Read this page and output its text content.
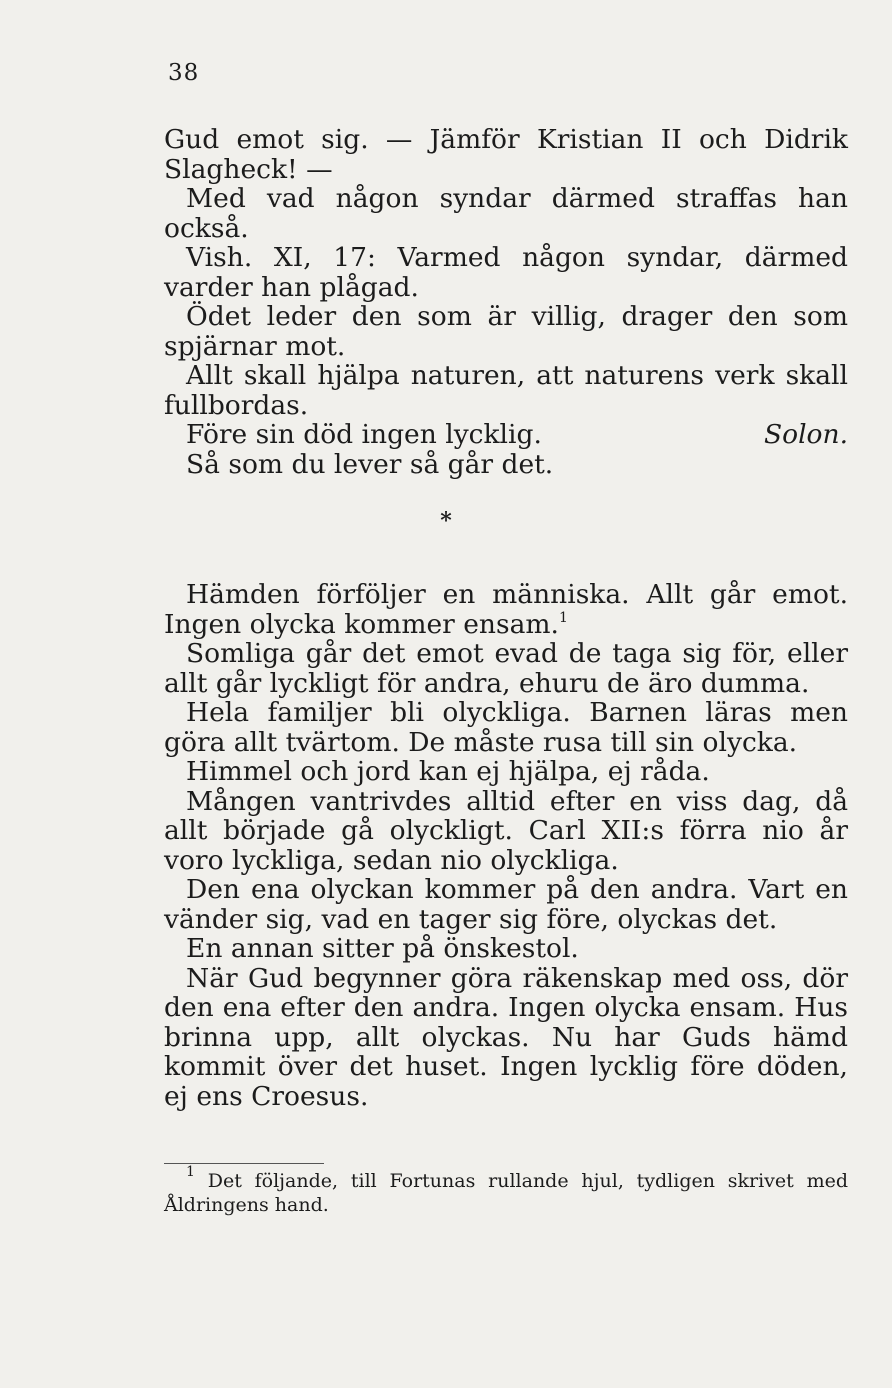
38

Gud emot sig. — Jämför Kristian II och Didrik Slagheck! —

Med vad någon syndar därmed straffas han också.

Vish. XI, 17: Varmed någon syndar, därmed varder han plågad.

Ödet leder den som är villig, drager den som spjärnar mot.

Allt skall hjälpa naturen, att naturens verk skall fullbordas.

Före sin död ingen lycklig.	Solon.

Så som du lever så går det.

*

Hämden förföljer en människa. Allt går emot. Ingen olycka kommer ensam.$^1$

Somliga går det emot evad de taga sig för, eller allt går lyckligt för andra, ehuru de äro dumma.

Hela familjer bli olyckliga. Barnen läras men göra allt tvärtom. De måste rusa till sin olycka.

Himmel och jord kan ej hjälpa, ej råda.

Mången vantrivdes alltid efter en viss dag, då allt började gå olyckligt. Carl XII:s förra nio år voro lyckliga, sedan nio olyckliga.

Den ena olyckan kommer på den andra. Vart en vänder sig, vad en tager sig före, olyckas det.

En annan sitter på önskestol.

När Gud begynner göra räkenskap med oss, dör den ena efter den andra. Ingen olycka ensam. Hus brinna upp, allt olyckas. Nu har Guds hämd kommit över det huset. Ingen lycklig före döden, ej ens Croesus.

$^1$ Det följande, till Fortunas rullande hjul, tydligen skrivet med Åldringens hand.
